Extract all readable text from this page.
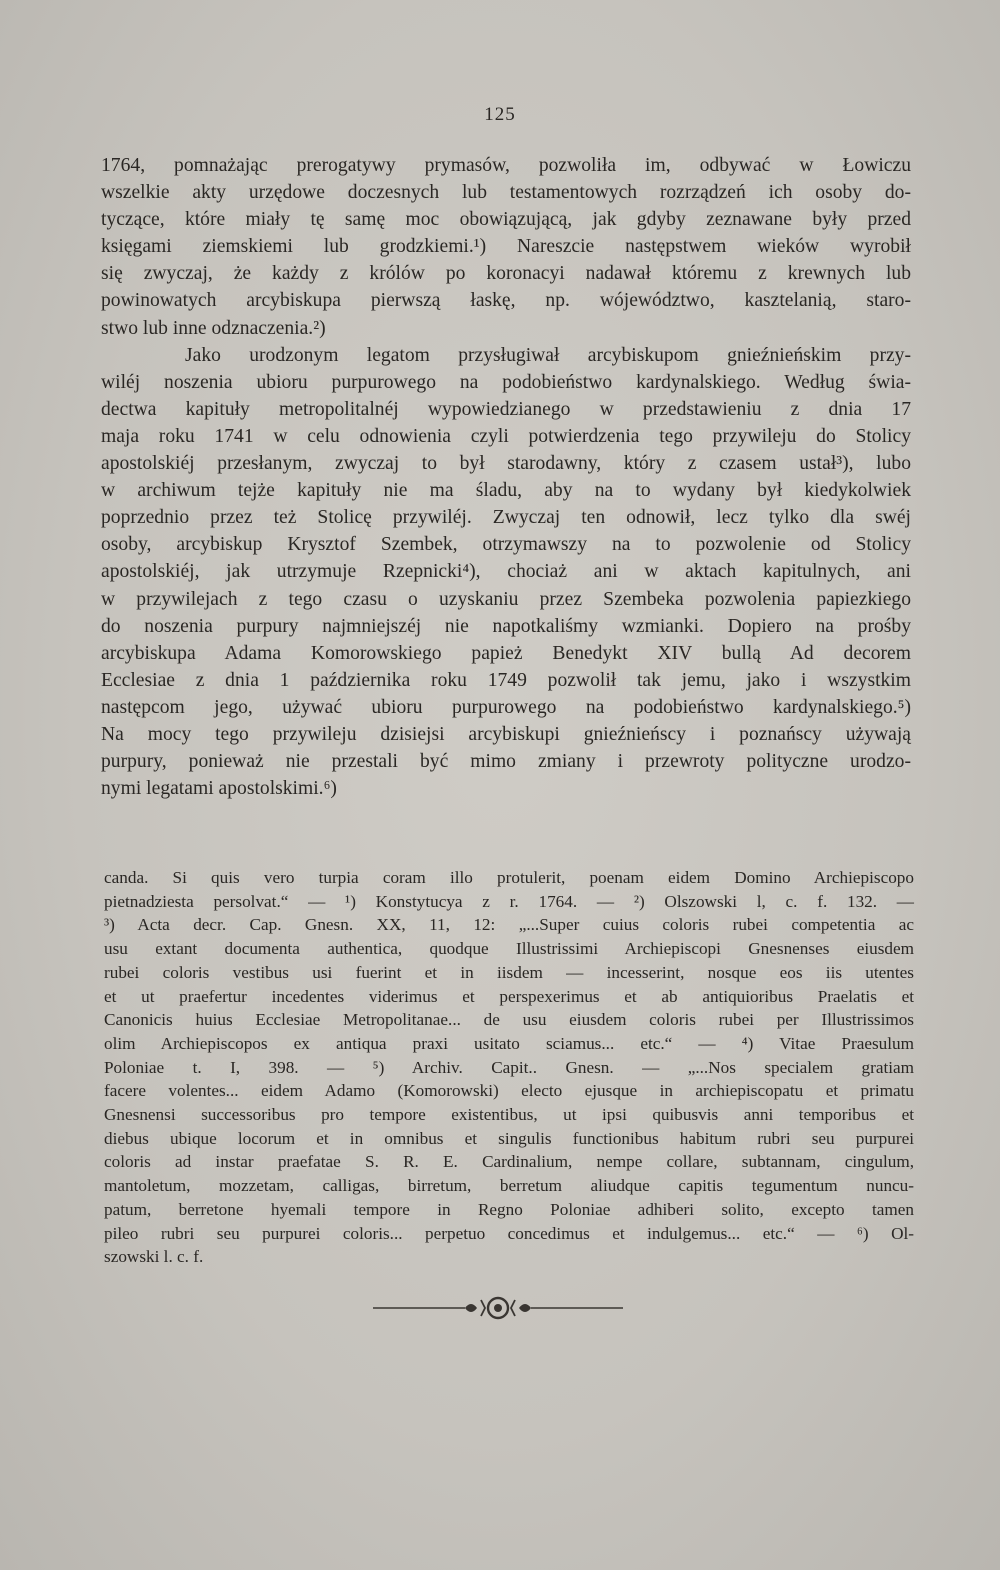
125
1764, pomnażając prerogatywy prymasów, pozwoliła im, odbywać w Łowiczu
wszelkie akty urzędowe doczesnych lub testamentowych rozrządzeń ich osoby do-
tyczące, które miały tę samę moc obowiązującą, jak gdyby zeznawane były przed
księgami ziemskiemi lub grodzkiemi.¹) Nareszcie następstwem wieków wyrobił
się zwyczaj, że każdy z królów po koronacyi nadawał któremu z krewnych lub
powinowatych arcybiskupa pierwszą łaskę, np. wójewództwo, kasztelanią, staro-
stwo lub inne odznaczenia.²)
Jako urodzonym legatom przysługiwał arcybiskupom gnieźnieńskim przy-
wiléj noszenia ubioru purpurowego na podobieństwo kardynalskiego. Według świa-
dectwa kapituły metropolitalnéj wypowiedzianego w przedstawieniu z dnia 17
maja roku 1741 w celu odnowienia czyli potwierdzenia tego przywileju do Stolicy
apostolskiéj przesłanym, zwyczaj to był starodawny, który z czasem ustał³), lubo
w archiwum tejże kapituły nie ma śladu, aby na to wydany był kiedykolwiek
poprzednio przez też Stolicę przywiléj. Zwyczaj ten odnowił, lecz tylko dla swéj
osoby, arcybiskup Krysztof Szembek, otrzymawszy na to pozwolenie od Stolicy
apostolskiéj, jak utrzymuje Rzepnicki⁴), chociaż ani w aktach kapitulnych, ani
w przywilejach z tego czasu o uzyskaniu przez Szembeka pozwolenia papiezkiego
do noszenia purpury najmniejszéj nie napotkaliśmy wzmianki. Dopiero na prośby
arcybiskupa Adama Komorowskiego papież Benedykt XIV bullą Ad decorem
Ecclesiae z dnia 1 października roku 1749 pozwolił tak jemu, jako i wszystkim
następcom jego, używać ubioru purpurowego na podobieństwo kardynalskiego.⁵)
Na mocy tego przywileju dzisiejsi arcybiskupi gnieźnieńscy i poznańscy używają
purpury, ponieważ nie przestali być mimo zmiany i przewroty polityczne urodzo-
nymi legatami apostolskimi.⁶)
canda. Si quis vero turpia coram illo protulerit, poenam eidem Domino Archiepiscopo
pietnadziesta persolvat.“ — ¹) Konstytucya z r. 1764. — ²) Olszowski l, c. f. 132. —
³) Acta decr. Cap. Gnesn. XX, 11, 12: „...Super cuius coloris rubei competentia ac
usu extant documenta authentica, quodque Illustrissimi Archiepiscopi Gnesnenses eiusdem
rubei coloris vestibus usi fuerint et in iisdem — incesserint, nosque eos iis utentes
et ut praefertur incedentes viderimus et perspexerimus et ab antiquioribus Praelatis et
Canonicis huius Ecclesiae Metropolitanae... de usu eiusdem coloris rubei per Illustrissimos
olim Archiepiscopos ex antiqua praxi usitato sciamus... etc.“ — ⁴) Vitae Praesulum
Poloniae t. I, 398. — ⁵) Archiv. Capit.. Gnesn. — „...Nos specialem gratiam
facere volentes... eidem Adamo (Komorowski) electo ejusque in archiepiscopatu et primatu
Gnesnensi successoribus pro tempore existentibus, ut ipsi quibusvis anni temporibus et
diebus ubique locorum et in omnibus et singulis functionibus habitum rubri seu purpurei
coloris ad instar praefatae S. R. E. Cardinalium, nempe collare, subtannam, cingulum,
mantoletum, mozzetam, calligas, birretum, berretum aliudque capitis tegumentum nuncu-
patum, berretone hyemali tempore in Regno Poloniae adhiberi solito, excepto tamen
pileo rubri seu purpurei coloris... perpetuo concedimus et indulgemus... etc.“ — ⁶) Ol-
szowski l. c. f.
